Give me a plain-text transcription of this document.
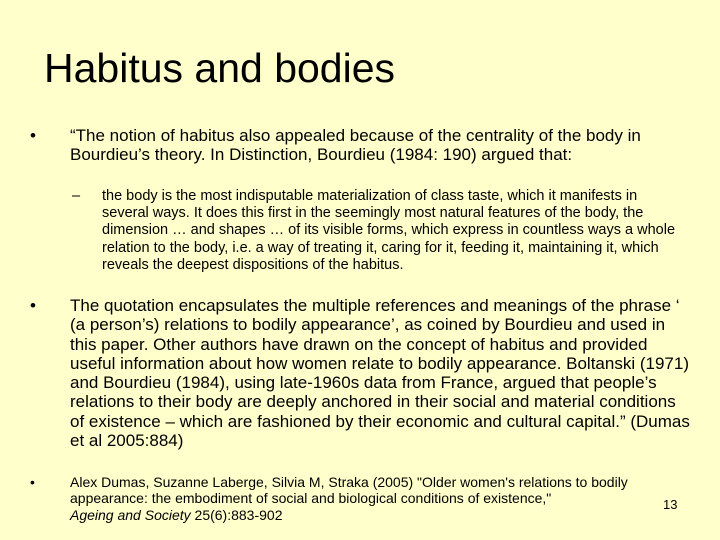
Habitus and bodies
•	“The notion of habitus also appealed because of the centrality of the body in Bourdieu’s theory. In Distinction, Bourdieu (1984: 190) argued that:
–	the body is the most indisputable materialization of class taste, which it manifests in several ways. It does this first in the seemingly most natural features of the body, the dimension … and shapes … of its visible forms, which express in countless ways a whole relation to the body, i.e. a way of treating it, caring for it, feeding it, maintaining it, which reveals the deepest dispositions of the habitus.
•	The quotation encapsulates the multiple references and meanings of the phrase ‘ (a person’s) relations to bodily appearance’, as coined by Bourdieu and used in this paper. Other authors have drawn on the concept of habitus and provided useful information about how women relate to bodily appearance. Boltanski (1971) and Bourdieu (1984), using late-1960s data from France, argued that people’s relations to their body are deeply anchored in their social and material conditions of existence – which are fashioned by their economic and cultural capital.” (Dumas et al 2005:884)
•	Alex Dumas, Suzanne Laberge, Silvia M, Straka (2005) "Older women's relations to bodily appearance: the embodiment of social and biological conditions of existence,"
Ageing and Society 25(6):883-902
13
